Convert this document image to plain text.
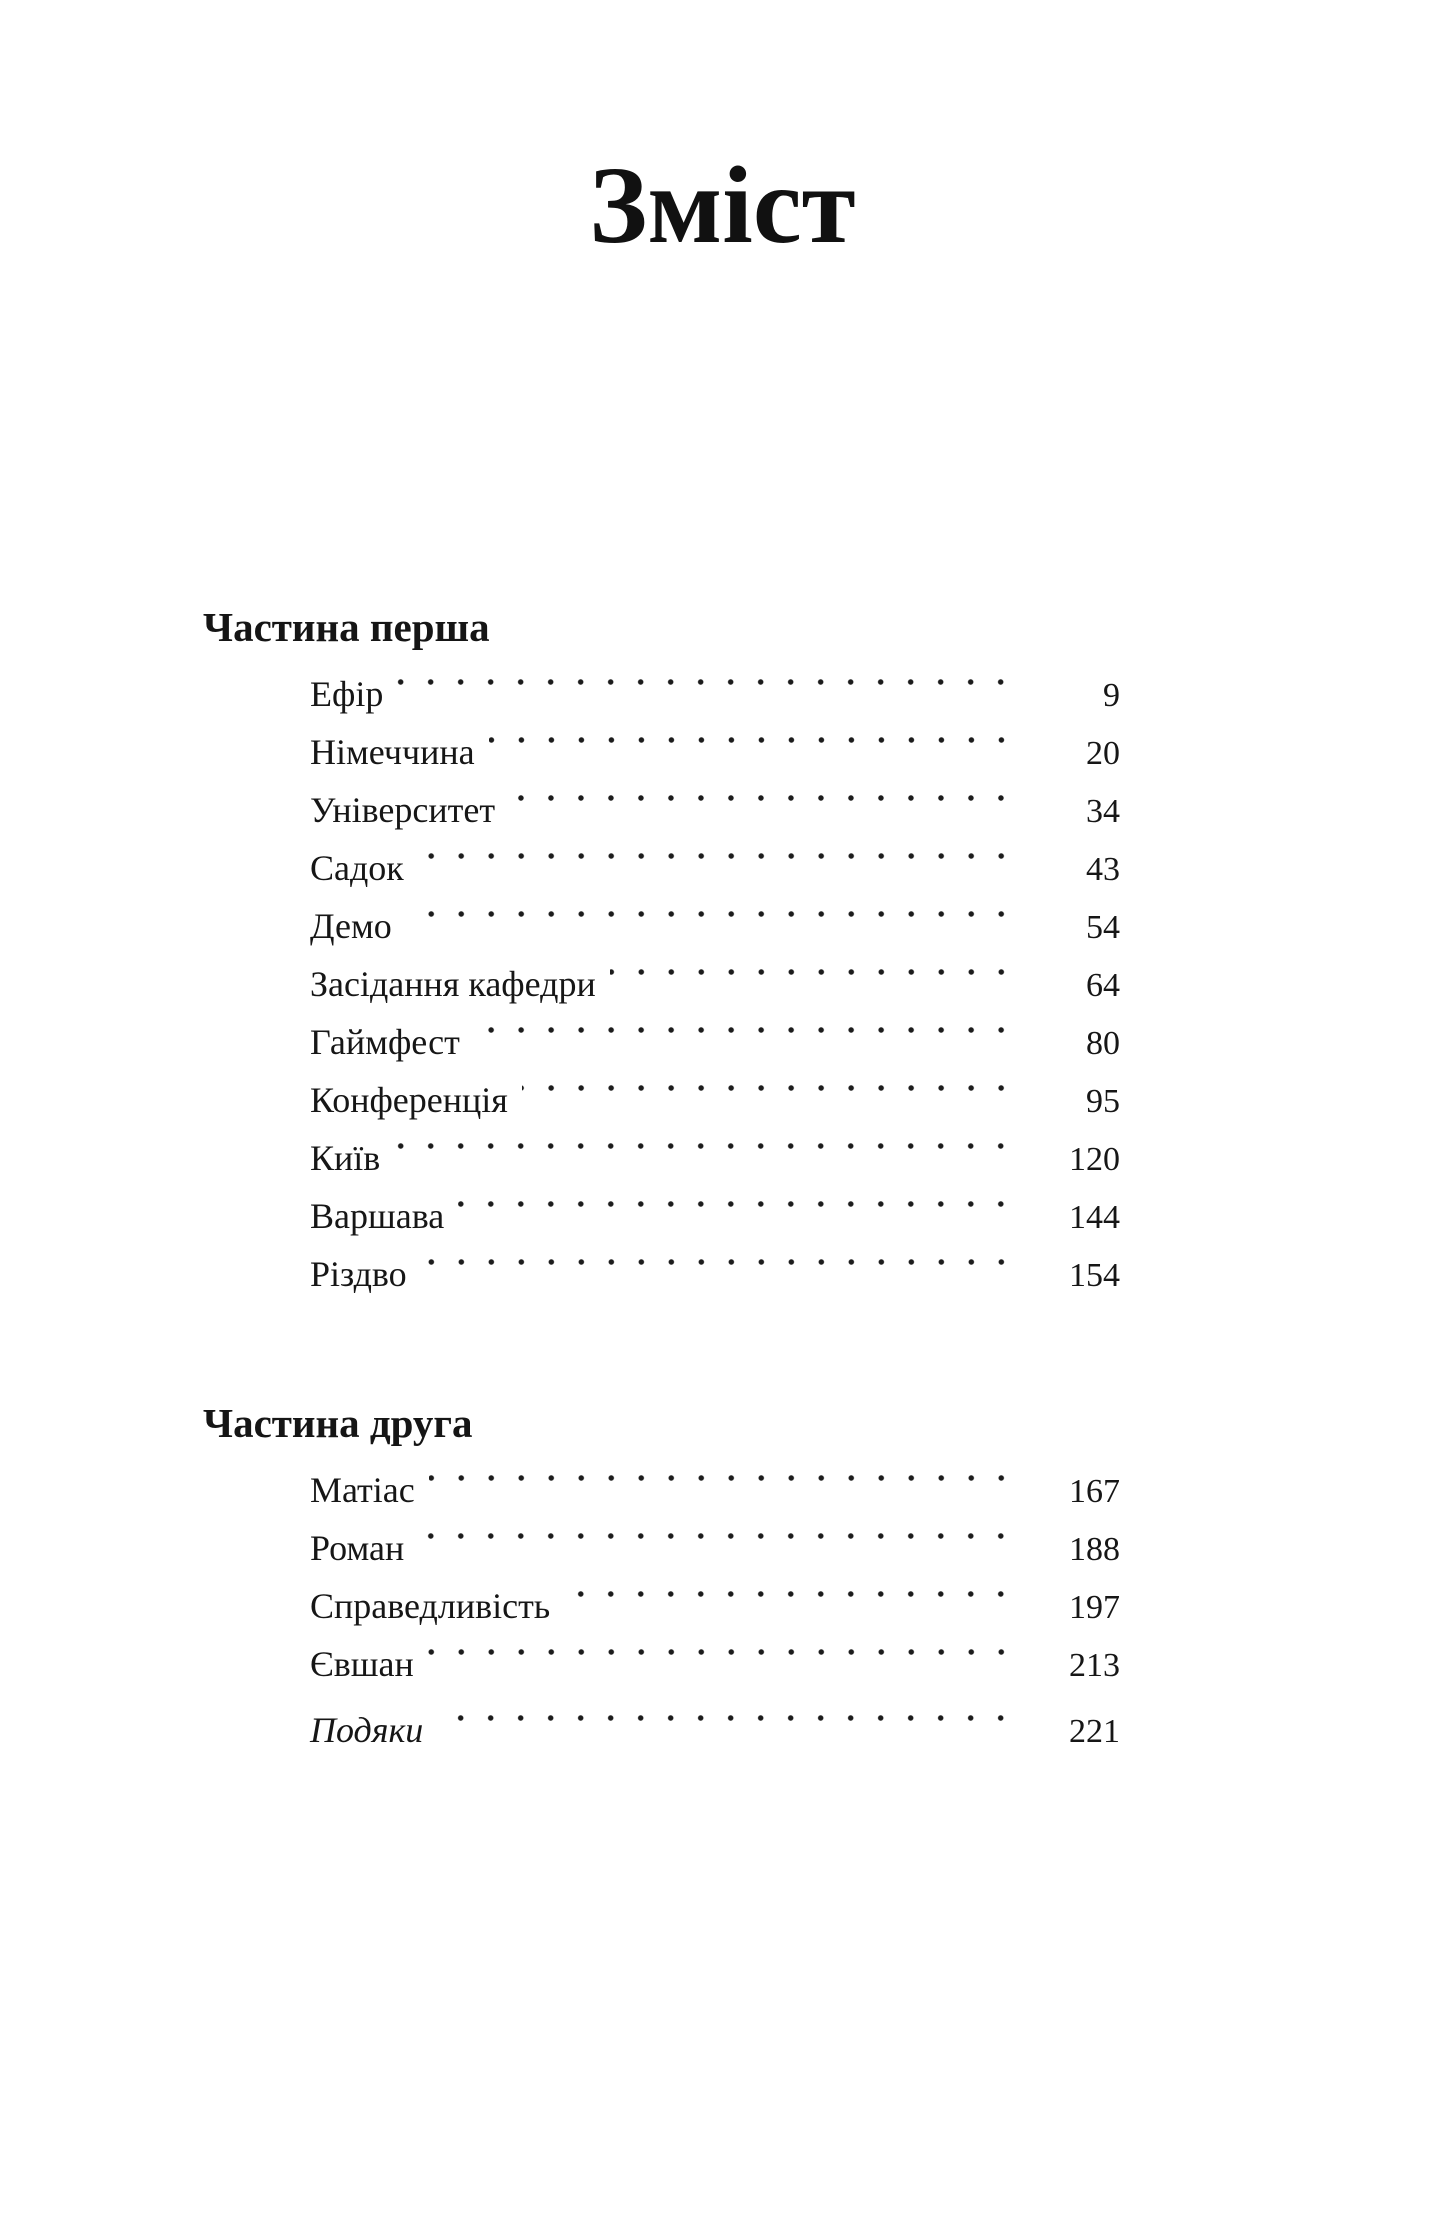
Зміст
Частина перша
Ефір	9
Німеччина	20
Університет	34
Садок	43
Демо	54
Засідання кафедри	64
Гаймфест	80
Конференція	95
Київ	120
Варшава	144
Різдво	154
Частина друга
Матіас	167
Роман	188
Справедливість	197
Євшан	213
Подяки	221
